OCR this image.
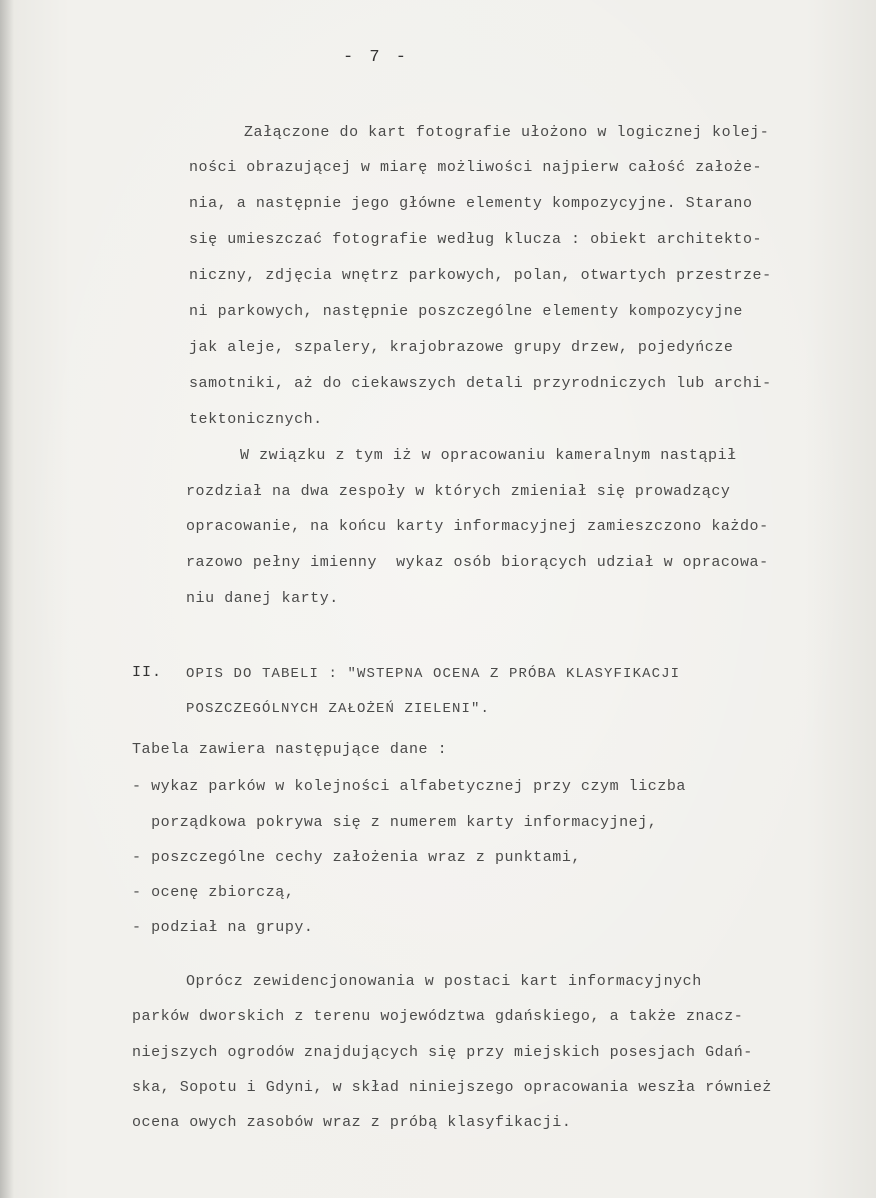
- 7 -
Załączone do kart fotografie ułożono w logicznej kolej-
ności obrazującej w miarę możliwości najpierw całość założe-
nia, a następnie jego główne elementy kompozycyjne. Starano
się umieszczać fotografie według klucza : obiekt architekto-
niczny, zdjęcia wnętrz parkowych, polan, otwartych przestrze-
ni parkowych, następnie poszczególne elementy kompozycyjne
jak aleje, szpalery, krajobrazowe grupy drzew, pojedyńcze
samotniki, aż do ciekawszych detali przyrodniczych lub archi-
tektonicznych.
W związku z tym iż w opracowaniu kameralnym nastąpił
rozdział na dwa zespoły w których zmieniał się prowadzący
opracowanie, na końcu karty informacyjnej zamieszczono każdo-
razowo pełny imienny  wykaz osób biorących udział w opracowa-
niu danej karty.
II. OPIS DO TABELI : "WSTEPNA OCENA Z PRÓBA KLASYFIKACJI
POSZCZEGÓLNYCH ZAŁOŻEŃ ZIELENI".
Tabela zawiera następujące dane :
- wykaz parków w kolejności alfabetycznej przy czym liczba
porządkowa pokrywa się z numerem karty informacyjnej,
- poszczególne cechy założenia wraz z punktami,
- ocenę zbiorczą,
- podział na grupy.
Oprócz zewidencjonowania w postaci kart informacyjnych
parków dworskich z terenu województwa gdańskiego, a także znacz-
niejszych ogrodów znajdujących się przy miejskich posesjach Gdań-
ska, Sopotu i Gdyni, w skład niniejszego opracowania weszła również
ocena owych zasobów wraz z próbą klasyfikacji.
